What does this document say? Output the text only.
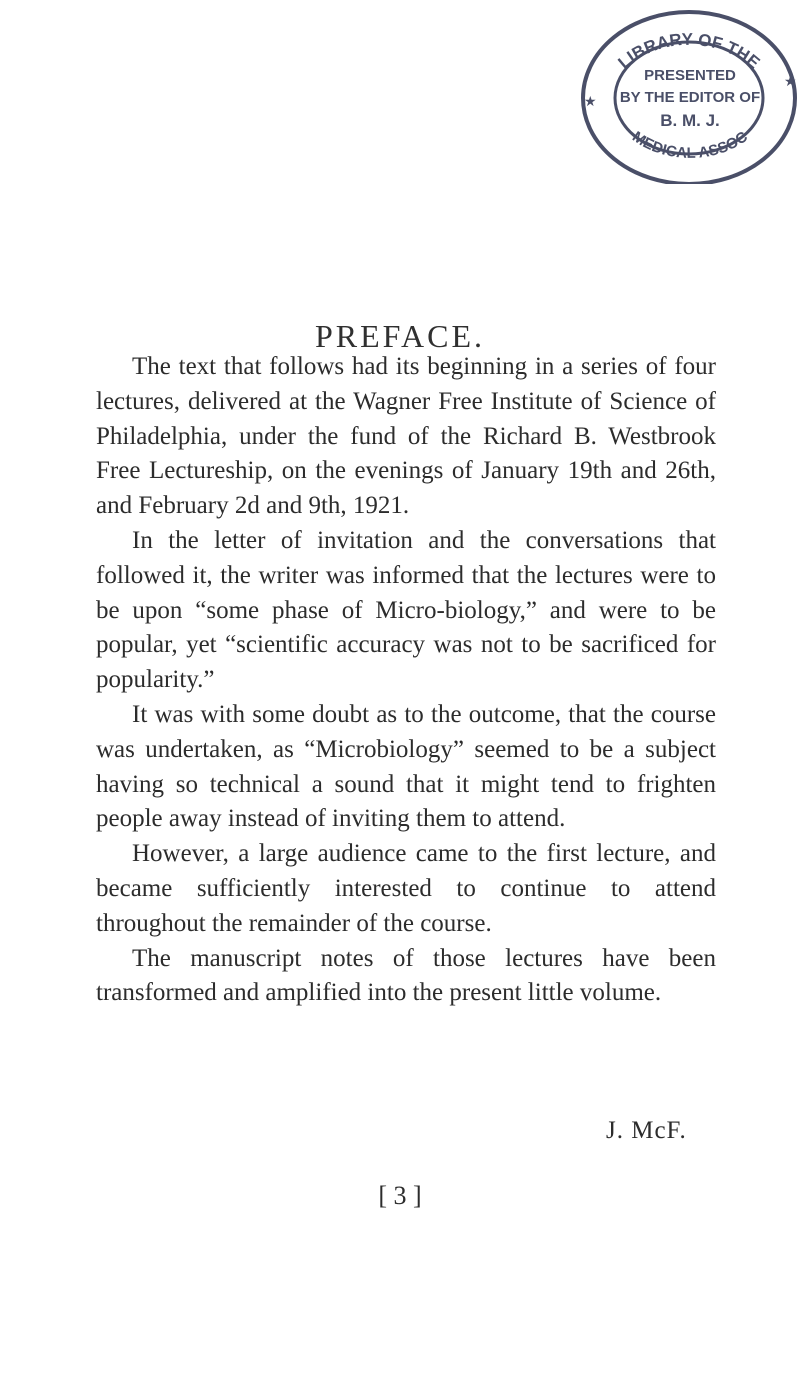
LIBRARY OF THE
MEDICAL ASSOC
PRESENTED
BY THE EDITOR OF
B. M. J.
★
★
PREFACE.

The text that follows had its beginning in a series of four lectures, delivered at the Wagner Free Institute of Science of Philadelphia, under the fund of the Richard B. Westbrook Free Lectureship, on the evenings of January 19th and 26th, and February 2d and 9th, 1921.

In the letter of invitation and the conversations that followed it, the writer was informed that the lectures were to be upon “some phase of Micro-biology,” and were to be popular, yet “scientific accuracy was not to be sacrificed for popularity.”

It was with some doubt as to the outcome, that the course was undertaken, as “Microbiology” seemed to be a subject having so technical a sound that it might tend to frighten people away instead of inviting them to attend.

However, a large audience came to the first lecture, and became sufficiently interested to continue to attend throughout the remainder of the course.

The manuscript notes of those lectures have been transformed and amplified into the present little volume.

J. McF.
[ 3 ]
